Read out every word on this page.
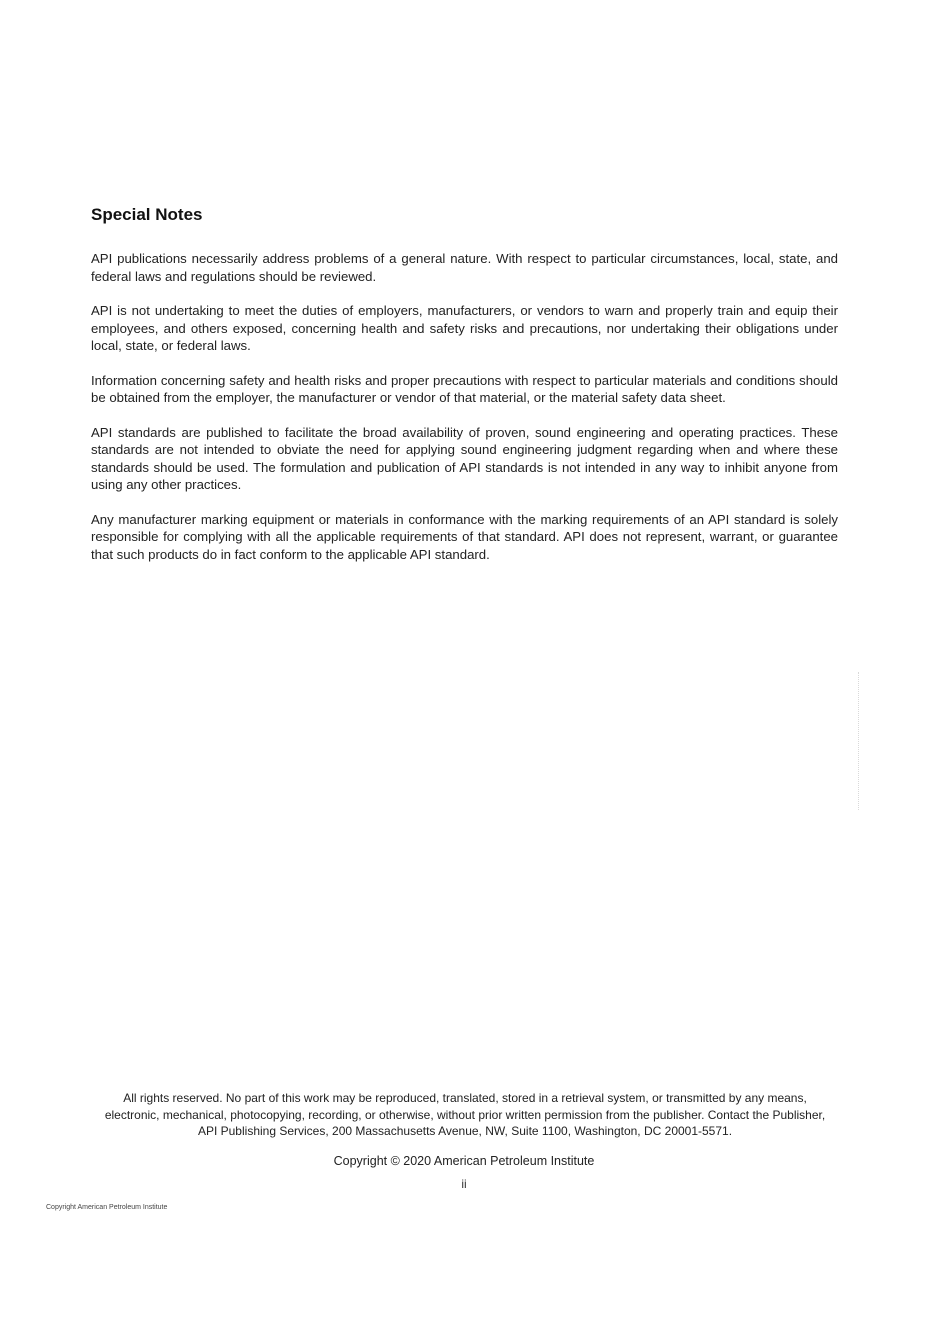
Special Notes

API publications necessarily address problems of a general nature. With respect to particular circumstances, local, state, and federal laws and regulations should be reviewed.

API is not undertaking to meet the duties of employers, manufacturers, or vendors to warn and properly train and equip their employees, and others exposed, concerning health and safety risks and precautions, nor undertaking their obligations under local, state, or federal laws.

Information concerning safety and health risks and proper precautions with respect to particular materials and conditions should be obtained from the employer, the manufacturer or vendor of that material, or the material safety data sheet.

API standards are published to facilitate the broad availability of proven, sound engineering and operating practices. These standards are not intended to obviate the need for applying sound engineering judgment regarding when and where these standards should be used. The formulation and publication of API standards is not intended in any way to inhibit anyone from using any other practices.

Any manufacturer marking equipment or materials in conformance with the marking requirements of an API standard is solely responsible for complying with all the applicable requirements of that standard. API does not represent, warrant, or guarantee that such products do in fact conform to the applicable API standard.

All rights reserved. No part of this work may be reproduced, translated, stored in a retrieval system, or transmitted by any means, electronic, mechanical, photocopying, recording, or otherwise, without prior written permission from the publisher. Contact the Publisher, API Publishing Services, 200 Massachusetts Avenue, NW, Suite 1100, Washington, DC 20001-5571.

Copyright © 2020 American Petroleum Institute

ii

Copyright American Petroleum Institute
